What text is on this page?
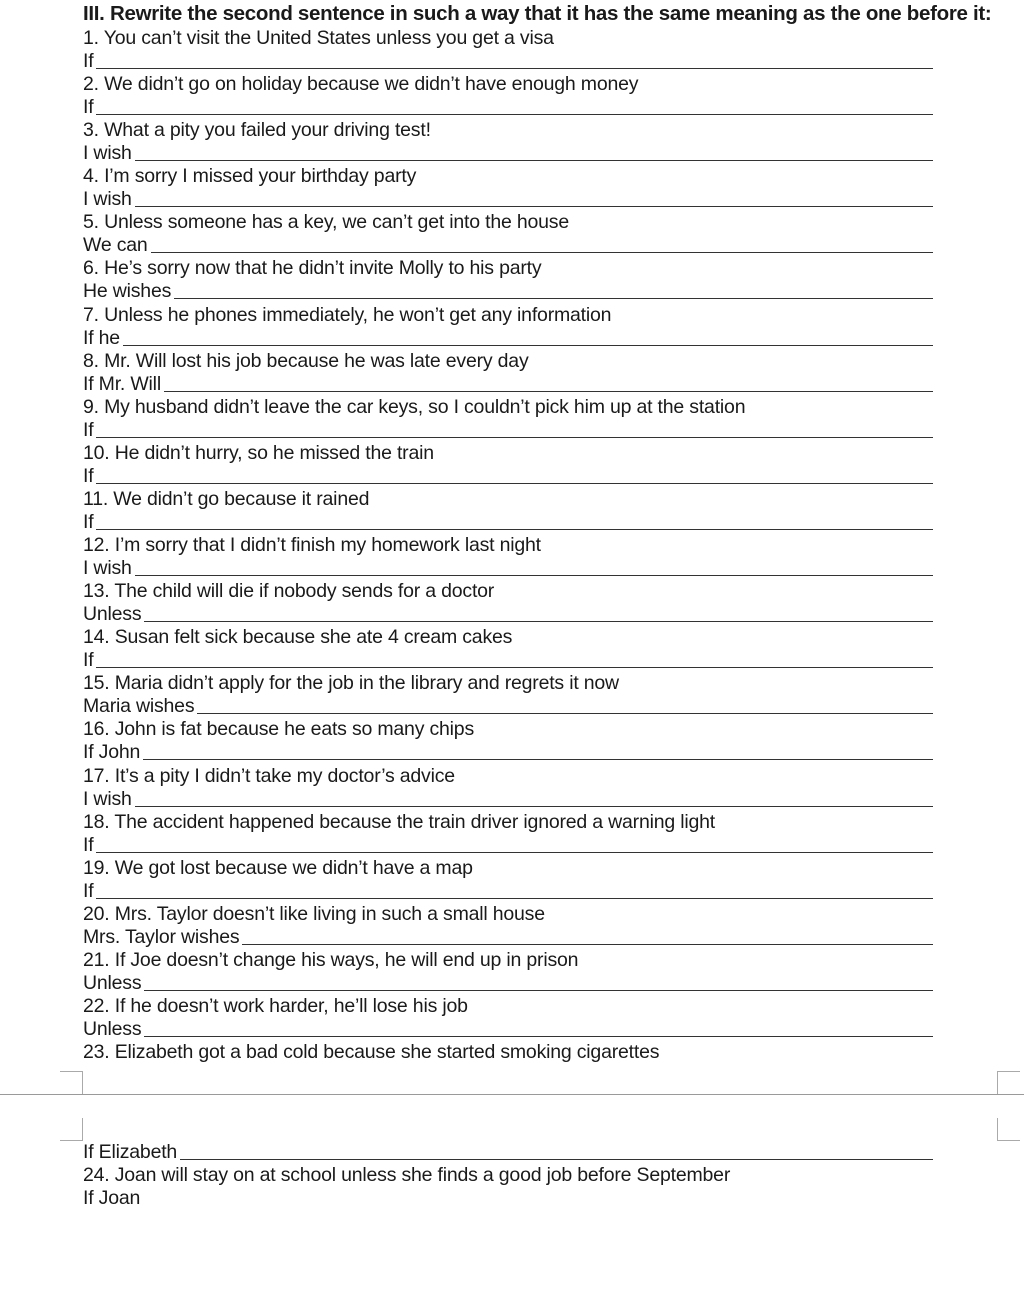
III. Rewrite the second sentence in such a way that it has the same meaning as the one before it:
1. You can’t visit the United States unless you get a visa
If
2. We didn’t go on holiday because we didn’t have enough money
If
3. What a pity you failed your driving test!
I wish
4. I’m sorry I missed your birthday party
I wish
5. Unless someone has a key, we can’t get into the house
We can
6. He’s sorry now that he didn’t invite Molly to his party
He wishes
7. Unless he phones immediately, he won’t get any information
If he
8. Mr. Will lost his job because he was late every day
If Mr. Will
9. My husband didn’t leave the car keys, so I couldn’t pick him up at the station
If
10. He didn’t hurry, so he missed the train
If
11. We didn’t go because it rained
If
12. I’m sorry that I didn’t finish my homework last night
I wish
13. The child will die if nobody sends for a doctor
Unless
14. Susan felt sick because she ate 4 cream cakes
If
15. Maria didn’t apply for the job in the library and regrets it now
Maria wishes
16. John is fat because he eats so many chips
If John
17. It’s a pity I didn’t take my doctor’s advice
I wish
18. The accident happened because the train driver ignored a warning light
If
19. We got lost because we didn’t have a map
If
20. Mrs. Taylor doesn’t like living in such a small house
Mrs. Taylor wishes
21. If Joe doesn’t change his ways, he will end up in prison
Unless
22. If he doesn’t work harder, he’ll lose his job
Unless
23. Elizabeth got a bad cold because she started smoking cigarettes
If Elizabeth
24. Joan will stay on at school unless she finds a good job before September
If Joan
